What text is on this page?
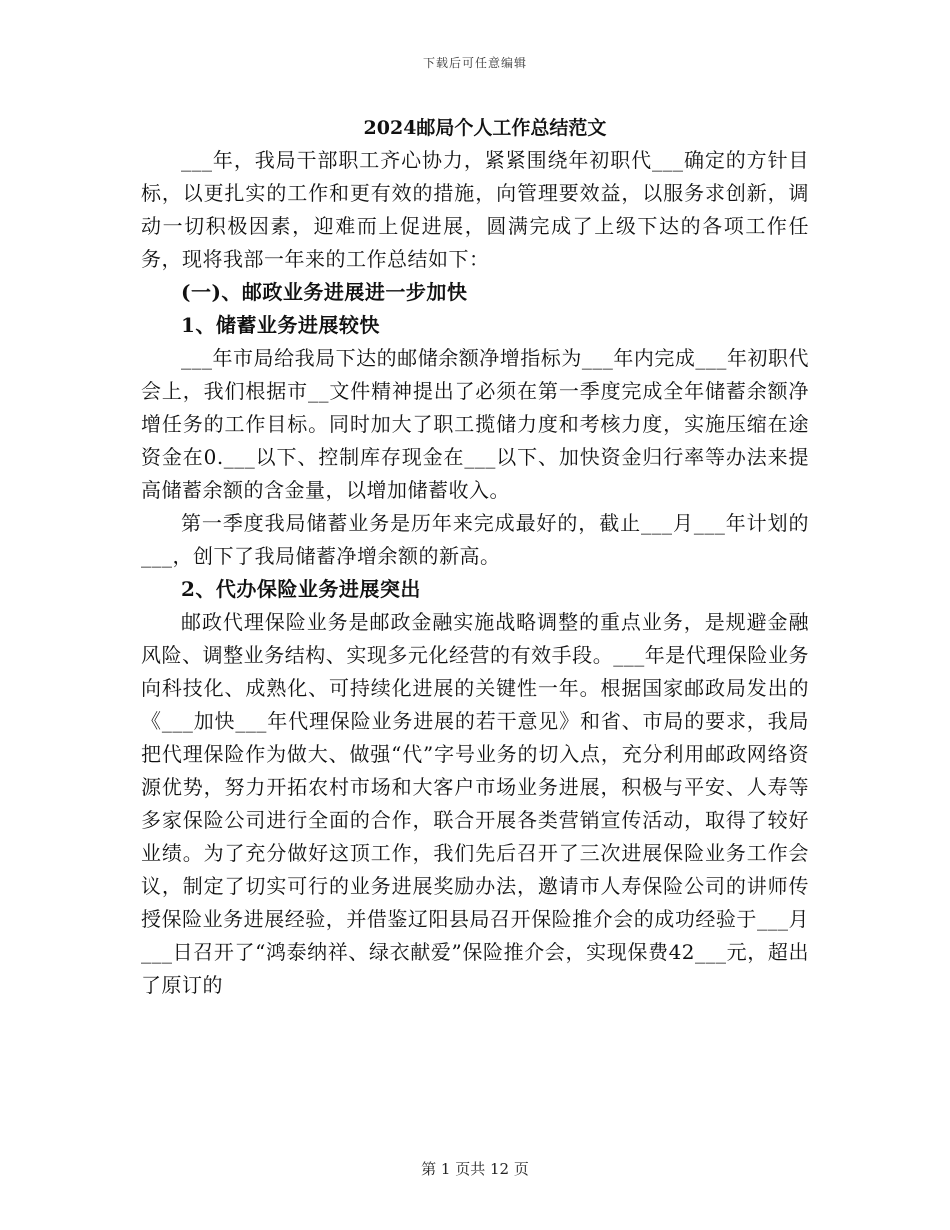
下载后可任意编辑
2024邮局个人工作总结范文

___年，我局干部职工齐心协力，紧紧围绕年初职代___确定的方针目标，以更扎实的工作和更有效的措施，向管理要效益，以服务求创新，调动一切积极因素，迎难而上促进展，圆满完成了上级下达的各项工作任务，现将我部一年来的工作总结如下：

(一)、邮政业务进展进一步加快

1、储蓄业务进展较快

___年市局给我局下达的邮储余额净增指标为___年内完成___年初职代会上，我们根据市__文件精神提出了必须在第一季度完成全年储蓄余额净增任务的工作目标。同时加大了职工揽储力度和考核力度，实施压缩在途资金在0.___以下、控制库存现金在___以下、加快资金归行率等办法来提高储蓄余额的含金量，以增加储蓄收入。

第一季度我局储蓄业务是历年来完成最好的，截止___月___年计划的___，创下了我局储蓄净增余额的新高。

2、代办保险业务进展突出

邮政代理保险业务是邮政金融实施战略调整的重点业务，是规避金融风险、调整业务结构、实现多元化经营的有效手段。___年是代理保险业务向科技化、成熟化、可持续化进展的关键性一年。根据国家邮政局发出的《___加快___年代理保险业务进展的若干意见》和省、市局的要求，我局把代理保险作为做大、做强“代”字号业务的切入点，充分利用邮政网络资源优势，努力开拓农村市场和大客户市场业务进展，积极与平安、人寿等多家保险公司进行全面的合作，联合开展各类营销宣传活动，取得了较好业绩。为了充分做好这顶工作，我们先后召开了三次进展保险业务工作会议，制定了切实可行的业务进展奖励办法，邀请市人寿保险公司的讲师传授保险业务进展经验，并借鉴辽阳县局召开保险推介会的成功经验于___月___日召开了“鸿泰纳祥、绿衣献爱”保险推介会，实现保费42___元，超出了原订的

第 1 页共 12 页
